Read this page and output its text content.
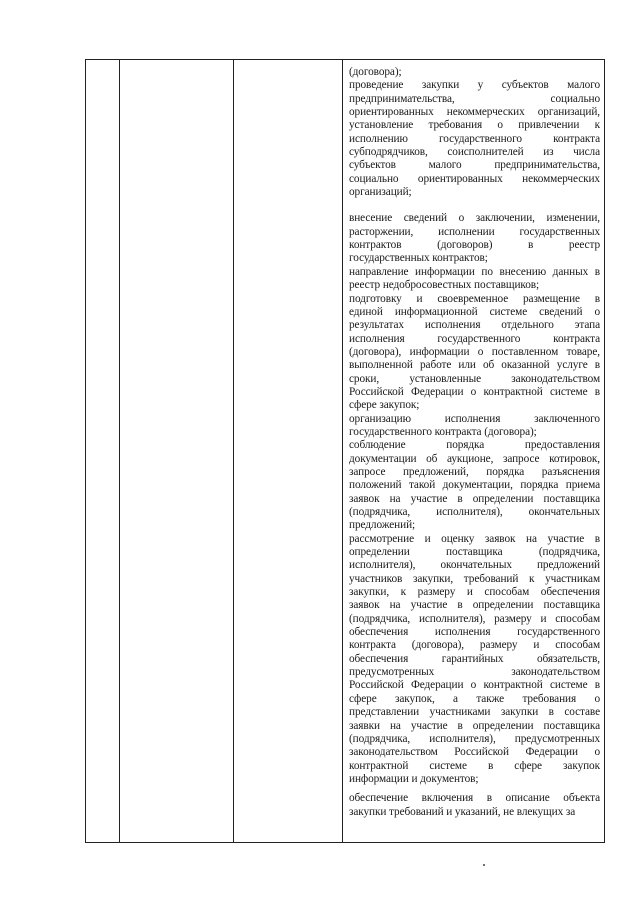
(договора);
проведение закупки у субъектов малого
предпринимательства, социально
ориентированных некоммерческих организаций,
установление требования о привлечении к
исполнению государственного контракта
субподрядчиков, соисполнителей из числа
субъектов малого предпринимательства,
социально ориентированных некоммерческих
организаций;
внесение сведений о заключении, изменении,
расторжении, исполнении государственных
контрактов (договоров) в реестр
государственных контрактов;
направление информации по внесению данных в
реестр недобросовестных поставщиков;
подготовку и своевременное размещение в
единой информационной системе сведений о
результатах исполнения отдельного этапа
исполнения государственного контракта
(договора), информации о поставленном товаре,
выполненной работе или об оказанной услуге в
сроки, установленные законодательством
Российской Федерации о контрактной системе в
сфере закупок;
организацию исполнения заключенного
государственного контракта (договора);
соблюдение порядка предоставления
документации об аукционе, запросе котировок,
запросе предложений, порядка разъяснения
положений такой документации, порядка приема
заявок на участие в определении поставщика
(подрядчика, исполнителя), окончательных
предложений;
рассмотрение и оценку заявок на участие в
определении поставщика (подрядчика,
исполнителя), окончательных предложений
участников закупки, требований к участникам
закупки, к размеру и способам обеспечения
заявок на участие в определении поставщика
(подрядчика, исполнителя), размеру и способам
обеспечения исполнения государственного
контракта (договора), размеру и способам
обеспечения гарантийных обязательств,
предусмотренных законодательством
Российской Федерации о контрактной системе в
сфере закупок, а также требования о
представлении участниками закупки в составе
заявки на участие в определении поставщика
(подрядчика, исполнителя), предусмотренных
законодательством Российской Федерации о
контрактной системе в сфере закупок
информации и документов;
обеспечение включения в описание объекта
закупки требований и указаний, не влекущих за
